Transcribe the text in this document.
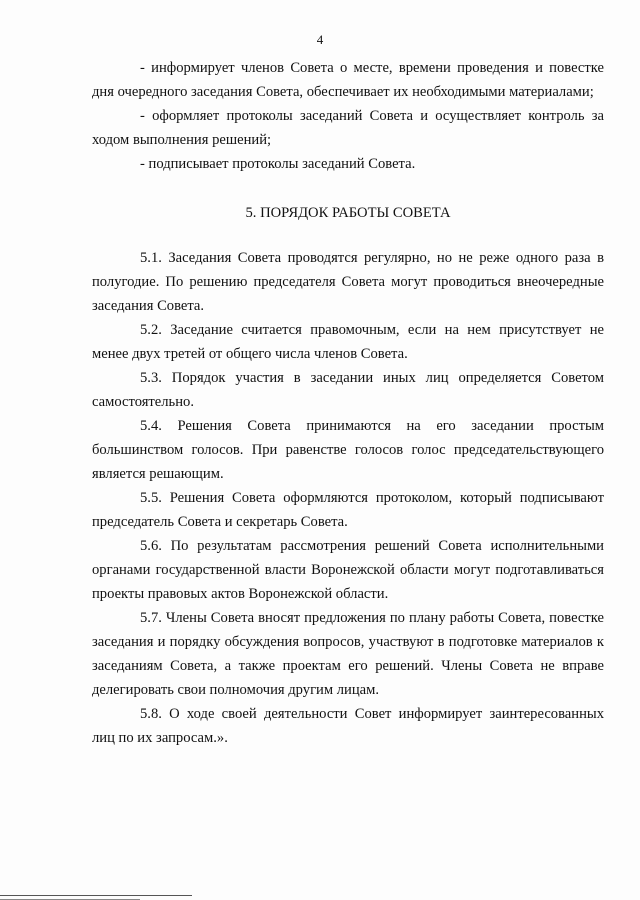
4

- информирует членов Совета о месте, времени проведения и повестке дня очередного заседания Совета, обеспечивает их необходимыми материалами;

- оформляет протоколы заседаний Совета и осуществляет контроль за ходом выполнения решений;

- подписывает протоколы заседаний Совета.

5. ПОРЯДОК РАБОТЫ СОВЕТА

5.1. Заседания Совета проводятся регулярно, но не реже одного раза в полугодие. По решению председателя Совета могут проводиться внеочередные заседания Совета.

5.2. Заседание считается правомочным, если на нем присутствует не менее двух третей от общего числа членов Совета.

5.3. Порядок участия в заседании иных лиц определяется Советом самостоятельно.

5.4. Решения Совета принимаются на его заседании простым большинством голосов. При равенстве голосов голос председательствующего является решающим.

5.5. Решения Совета оформляются протоколом, который подписывают председатель Совета и секретарь Совета.

5.6. По результатам рассмотрения решений Совета исполнительными органами государственной власти Воронежской области могут подготавливаться проекты правовых актов Воронежской области.

5.7. Члены Совета вносят предложения по плану работы Совета, повестке заседания и порядку обсуждения вопросов, участвуют в подготовке материалов к заседаниям Совета, а также проектам его решений. Члены Совета не вправе делегировать свои полномочия другим лицам.

5.8. О ходе своей деятельности Совет информирует заинтересованных лиц по их запросам.».
